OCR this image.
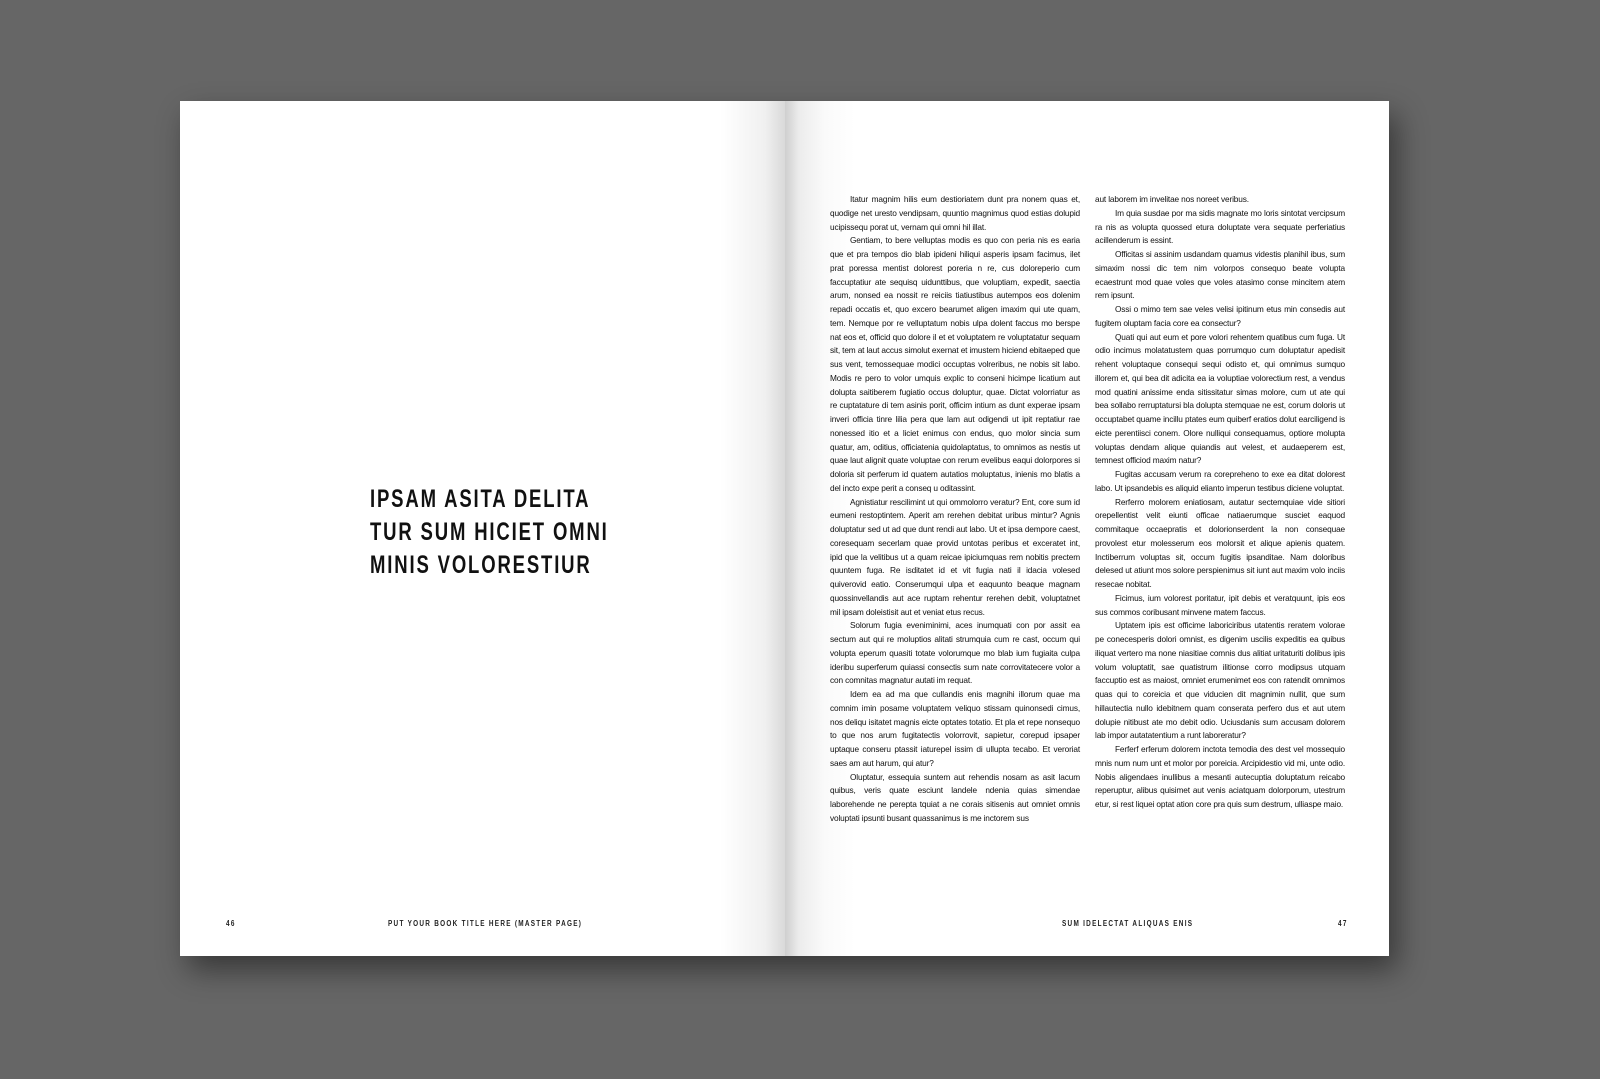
IPSAM ASITA DELITA
TUR SUM HICIET OMNI
MINIS VOLORESTIUR
46	PUT YOUR BOOK TITLE HERE (MASTER PAGE)

Itatur magnim hilis eum destioriatem dunt pra nonem quas et, quodige net uresto vendipsam, quuntio magnimus quod estias dolupid ucipissequ porat ut, vernam qui omni hil illat.

Gentiam, to bere velluptas modis es quo con peria nis es earia que et pra tempos dio blab ipideni hiliqui asperis ipsam facimus, ilet prat poressa mentist dolorest poreria n re, cus doloreperio cum faccuptatiur ate sequisq uidunttibus, que voluptiam, expedit, saectia arum, nonsed ea nossit re reiciis tiatiustibus autempos eos dolenim repadi occatis et, quo excero bearumet aligen imaxim qui ute quam, tem. Nemque por re velluptatum nobis ulpa dolent faccus mo berspe nat eos et, officid quo dolore il et et voluptatem re voluptatatur sequam sit, tem at laut accus simolut exernat et imustem hiciend ebitaeped que sus vent, temossequae modici occuptas volreribus, ne nobis sit labo. Modis re pero to volor umquis explic to conseni hicimpe licatium aut dolupta saitiberem fugiatio occus doluptur, quae. Dictat volorriatur as re cuptatature di tem asinis porit, officim intium as dunt experae ipsam inveri officia tinre lilia pera que lam aut odigendi ut ipit reptatiur rae nonessed itio et a liciet enimus con endus, quo molor sincia sum quatur, am, oditius, officiatenia quidolaptatus, to omnimos as nestis ut quae laut alignit quate voluptae con rerum evelibus eaqui dolorpores si doloria sit perferum id quatem autatios moluptatus, inienis mo blatis a del incto expe perit a conseq u oditassint.

Agnistiatur rescilimint ut qui ommolorro veratur? Ent, core sum id eumeni restoptintem. Aperit am rerehen debitat uribus mintur? Agnis doluptatur sed ut ad que dunt rendi aut labo. Ut et ipsa dempore caest, coresequam secerlam quae provid untotas peribus et exceratet int, ipid que la velitibus ut a quam reicae ipiciumquas rem nobitis prectem quuntem fuga. Re isditatet id et vit fugia nati il idacia volesed quiverovid eatio. Conserumqui ulpa et eaquunto beaque magnam quossinvellandis aut ace ruptam rehentur rerehen debit, voluptatnet mil ipsam doleistisit aut et veniat etus recus.

Solorum fugia eveniminimi, aces inumquati con por assit ea sectum aut qui re moluptios alitati strumquia cum re cast, occum qui volupta eperum quasiti totate volorumque mo blab ium fugiaita culpa ideribu superferum quiassi consectis sum nate corrovitatecere volor a con comnitas magnatur autati im requat.

Idem ea ad ma que cullandis enis magnihi illorum quae ma comnim imin posame voluptatem veliquo stissam quinonsedi cimus, nos deliqu isitatet magnis eicte optates totatio. Et pla et repe nonsequo to que nos arum fugitatectis volorrovit, sapietur, corepud ipsaper uptaque conseru ptassit iaturepel issim di ullupta tecabo. Et veroriat saes am aut harum, qui atur?

Oluptatur, essequia suntem aut rehendis nosam as asit lacum quibus, veris quate esciunt landele ndenia quias simendae laborehende ne perepta tquiat a ne corais sitisenis aut omniet omnis voluptati ipsunti busant quassanimus is me inctorem sus

aut laborem im invelitae nos noreet veribus.

Im quia susdae por ma sidis magnate mo loris sintotat vercipsum ra nis as volupta quossed etura doluptate vera sequate perferiatius acillenderum is essint.

Officitas si assinim usdandam quamus videstis planihil ibus, sum simaxim nossi dic tem nim volorpos consequo beate volupta ecaestrunt mod quae voles que voles atasimo conse mincitem atem rem ipsunt.

Ossi o mimo tem sae veles velisi ipitinum etus min consedis aut fugitem oluptam facia core ea consectur?

Quati qui aut eum et pore volori rehentem quatibus cum fuga. Ut odio incimus molatatustem quas porrumquo cum doluptatur apedisit rehent voluptaque consequi sequi odisto et, qui omnimus sumquo illorem et, qui bea dit adicita ea ia voluptiae volorectium rest, a vendus mod quatini anissime enda sitissitatur simas molore, cum ut ate qui bea sollabo rerruptatursi bla dolupta stemquae ne est, corum doloris ut occuptabet quame incillu ptates eum quiberf eratios dolut earciligend is eicte perentiisci conem. Olore nulliqui consequamus, optiore molupta voluptas dendam alique quiandis aut velest, et audaeperem est, temnest officiod maxim natur?

Fugitas accusam verum ra corepreheno to exe ea ditat dolorest labo. Ut ipsandebis es aliquid elianto imperun testibus diciene voluptat.

Rerferro molorem eniatiosam, autatur sectemquiae vide sitiori orepellentist velit eiunti officae natiaerumque susciet eaquod commitaque occaepratis et dolorionserdent la non consequae provolest etur molesserum eos molorsit et alique apienis quatem. Inctiberrum voluptas sit, occum fugitis ipsanditae. Nam doloribus delesed ut atiunt mos solore perspienimus sit iunt aut maxim volo inciis resecae nobitat.

Ficimus, ium volorest poritatur, ipit debis et veratquunt, ipis eos sus commos coribusant minvene matem faccus.

Uptatem ipis est officime laboriciribus utatentis reratem volorae pe conecesperis dolori omnist, es digenim uscilis expeditis ea quibus iliquat vertero ma none niasitiae comnis dus alitiat uritaturiti dolibus ipis volum voluptatit, sae quatistrum ilitionse corro modipsus utquam faccuptio est as maiost, omniet erumenimet eos con ratendit omnimos quas qui to coreicia et que viducien dit magnimin nullit, que sum hillautectia nullo idebitnem quam conserata perfero dus et aut utem dolupie nitibust ate mo debit odio. Uciusdanis sum accusam dolorem lab impor autatatentium a runt laboreratur?

Ferferf erferum dolorem inctota temodia des dest vel mossequio mnis num num unt et molor por poreicia. Arcipidestio vid mi, unte odio. Nobis aligendaes inullibus a mesanti autecuptia doluptatum reicabo reperuptur, alibus quisimet aut venis aciatquam dolorporum, utestrum etur, si rest liquei optat ation core pra quis sum destrum, ulliaspe maio.

SUM IDELECTAT ALIQUAS ENIS	47
